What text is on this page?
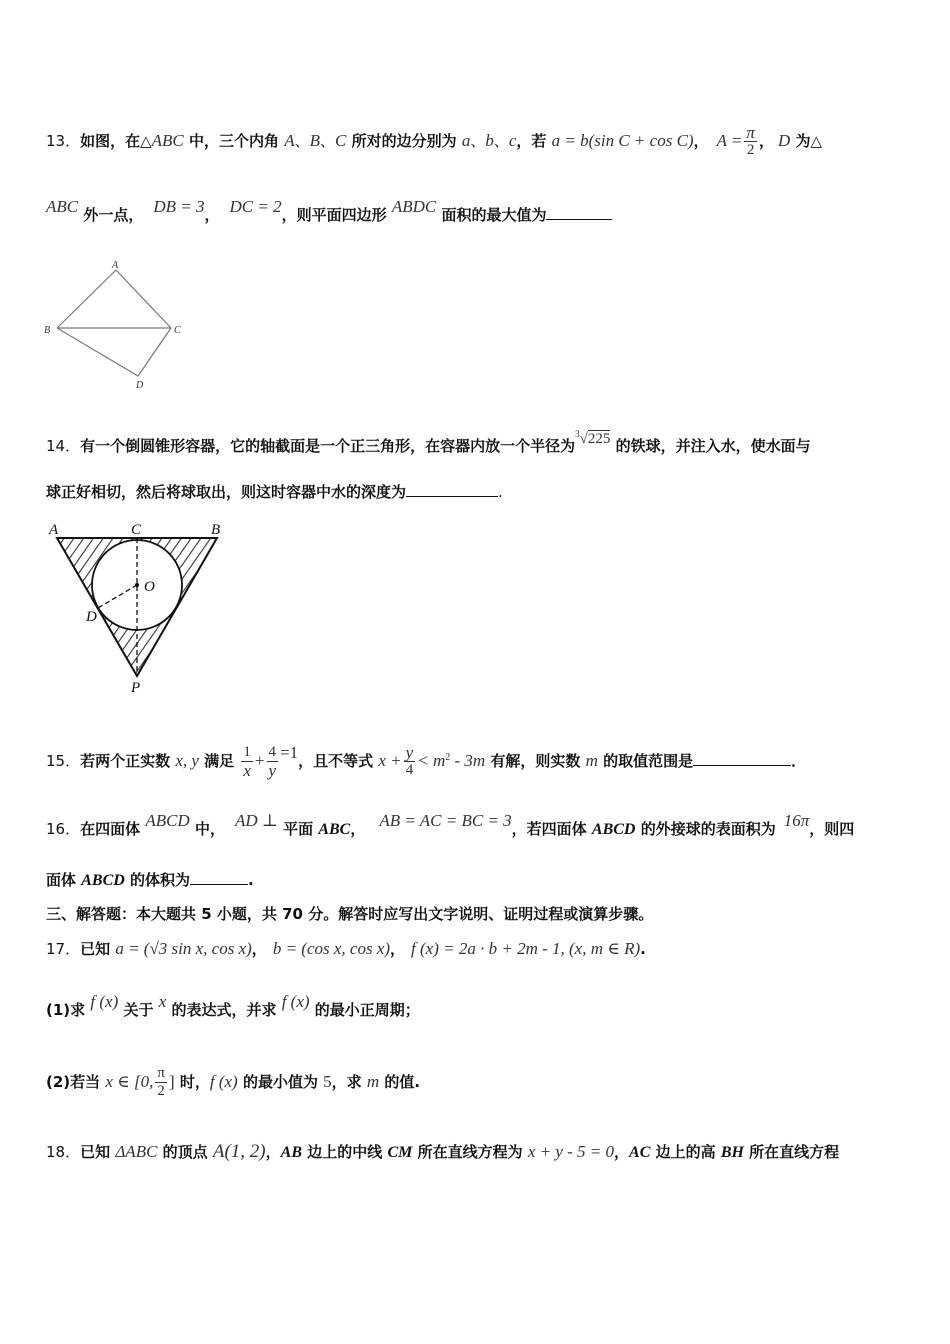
13．如图，在△ABC 中，三个内角 A、B、C 所对的边分别为 a、b、c，若 a = b(sin C + cos C)， $A = \frac{\pi}{2}$ ， D 为△
ABC 外一点， DB = 3， DC = 2，则平面四边形 ABDC 面积的最大值为
A
B	C
D
14．有一个倒圆锥形容器，它的轴截面是一个正三角形，在容器内放一个半径为$^3$√225 的铁球，并注入水，使水面与
球正好相切，然后将球取出，则这时容器中水的深度为	.
A	C	B
O
D
P
15．若两个正实数 x, y 满足 $\frac{1}{x} + \frac{4}{y} =1$，且不等式 $x + \frac{y}{4} < m^2 - 3m$ 有解，则实数 m 的取值范围是	．
16．在四面体 ABCD 中， AD ⊥ 平面 ABC， AB = AC = BC = 3，若四面体 ABCD 的外接球的表面积为 16π，则四
面体 ABCD 的体积为	.
三、解答题：本大题共 5 小题，共 70 分。解答时应写出文字说明、证明过程或演算步骤。
17．已知 a = (√3 sin x, cos x)， b = (cos x, cos x)， f (x) = 2a · b + 2m - 1, (x, m ∈ R).
(1)求 f (x) 关于 x 的表达式，并求 f (x) 的最小正周期；
(2)若当 x ∈ [0, $\frac{\pi}{2}$ ] 时，f (x) 的最小值为 5，求 m 的值.
18．已知 ΔABC 的顶点 A(1, 2)，AB 边上的中线 CM 所在直线方程为 x + y - 5 = 0，AC 边上的高 BH 所在直线方程
